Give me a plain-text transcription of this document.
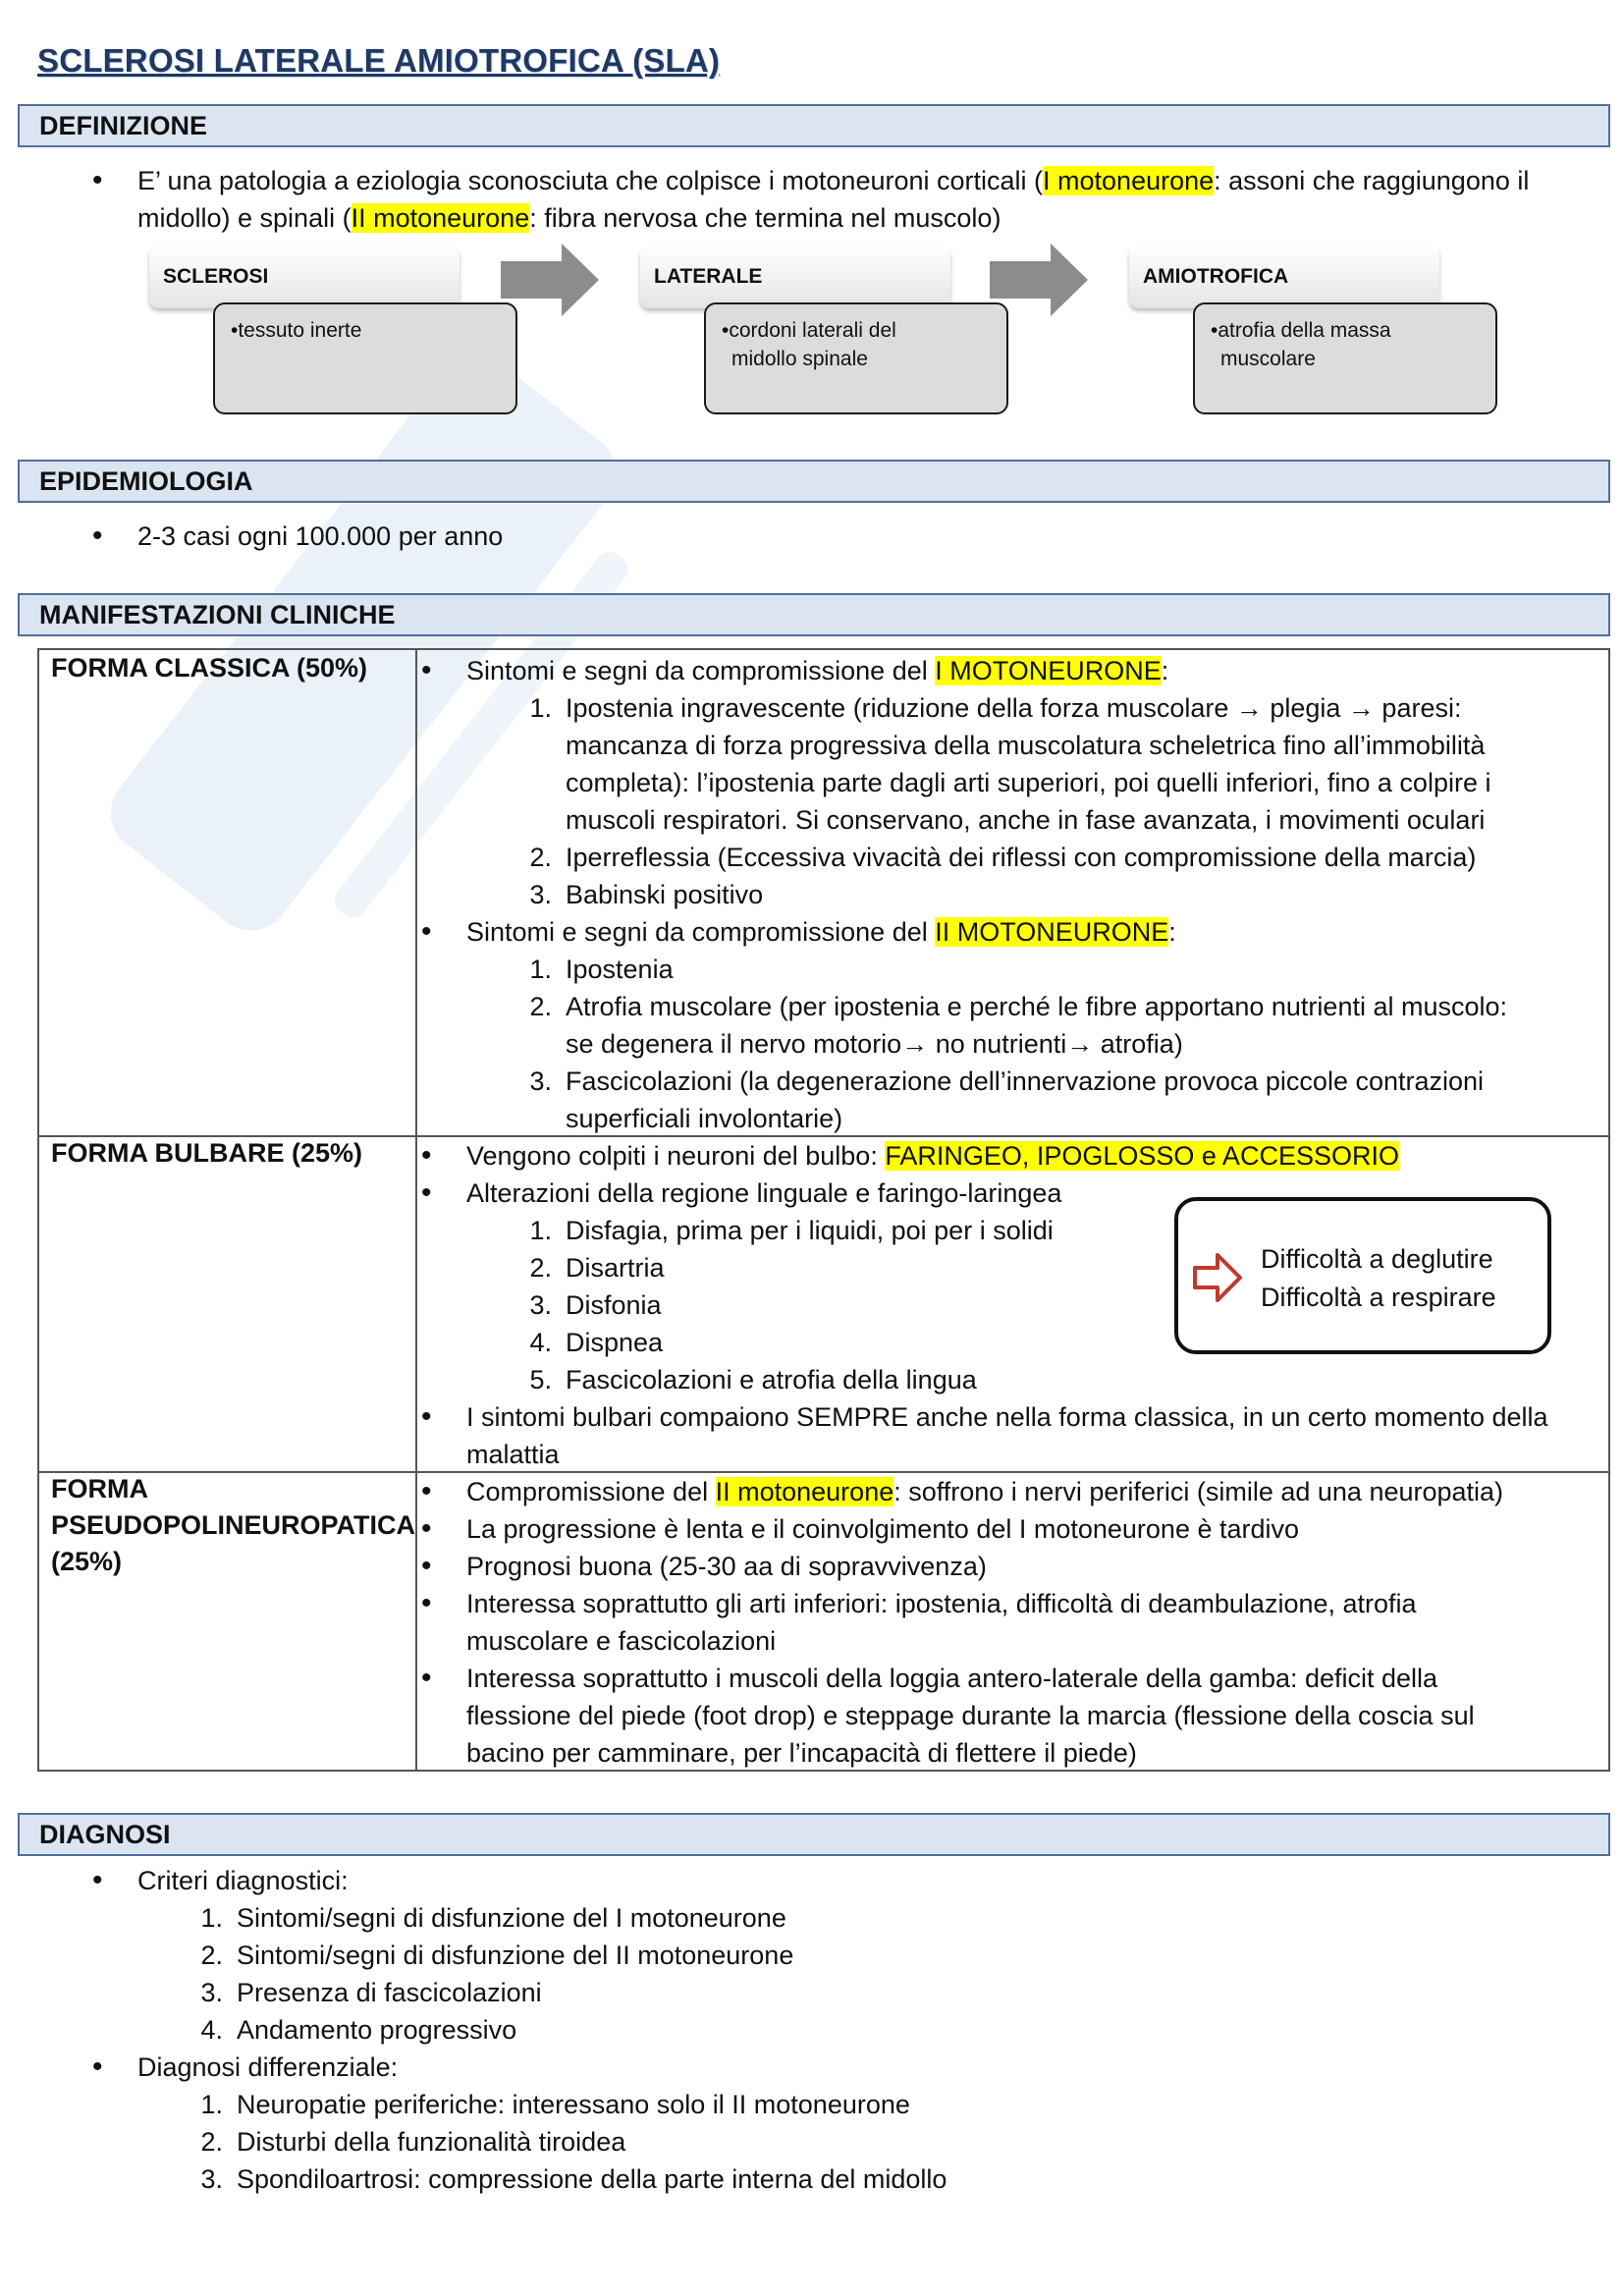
SCLEROSI LATERALE AMIOTROFICA (SLA)
DEFINIZIONE
• E’ una patologia a eziologia sconosciuta che colpisce i motoneuroni corticali (I motoneurone: assoni che raggiungono il
midollo) e spinali (II motoneurone: fibra nervosa che termina nel muscolo)
SCLEROSI
•tessuto inerte
LATERALE
•cordoni laterali del
midollo spinale
AMIOTROFICA
•atrofia della massa
muscolare
EPIDEMIOLOGIA
• 2-3 casi ogni 100.000 per anno
MANIFESTAZIONI CLINICHE
FORMA CLASSICA (50%)	• Sintomi e segni da compromissione del I MOTONEURONE:
1. Ipostenia ingravescente (riduzione della forza muscolare → plegia → paresi:
mancanza di forza progressiva della muscolatura scheletrica fino all’immobilità
completa): l’ipostenia parte dagli arti superiori, poi quelli inferiori, fino a colpire i
muscoli respiratori. Si conservano, anche in fase avanzata, i movimenti oculari
2. Iperreflessia (Eccessiva vivacità dei riflessi con compromissione della marcia)
3. Babinski positivo
• Sintomi e segni da compromissione del II MOTONEURONE:
1. Ipostenia
2. Atrofia muscolare (per ipostenia e perché le fibre apportano nutrienti al muscolo:
se degenera il nervo motorio→ no nutrienti→ atrofia)
3. Fascicolazioni (la degenerazione dell’innervazione provoca piccole contrazioni
superficiali involontarie)
FORMA BULBARE (25%)	• Vengono colpiti i neuroni del bulbo: FARINGEO, IPOGLOSSO e ACCESSORIO
• Alterazioni della regione linguale e faringo-laringea
1. Disfagia, prima per i liquidi, poi per i solidi
2. Disartria
3. Disfonia
4. Dispnea
5. Fascicolazioni e atrofia della lingua
• I sintomi bulbari compaiono SEMPRE anche nella forma classica, in un certo momento della
malattia
Difficoltà a deglutire
Difficoltà a respirare
FORMA
PSEUDOPOLINEUROPATICA
(25%)
• Compromissione del II motoneurone: soffrono i nervi periferici (simile ad una neuropatia)
• La progressione è lenta e il coinvolgimento del I motoneurone è tardivo
• Prognosi buona (25-30 aa di sopravvivenza)
• Interessa soprattutto gli arti inferiori: ipostenia, difficoltà di deambulazione, atrofia
muscolare e fascicolazioni
• Interessa soprattutto i muscoli della loggia antero-laterale della gamba: deficit della
flessione del piede (foot drop) e steppage durante la marcia (flessione della coscia sul
bacino per camminare, per l’incapacità di flettere il piede)
DIAGNOSI
• Criteri diagnostici:
1. Sintomi/segni di disfunzione del I motoneurone
2. Sintomi/segni di disfunzione del II motoneurone
3. Presenza di fascicolazioni
4. Andamento progressivo
• Diagnosi differenziale:
1. Neuropatie periferiche: interessano solo il II motoneurone
2. Disturbi della funzionalità tiroidea
3. Spondiloartrosi: compressione della parte interna del midollo
